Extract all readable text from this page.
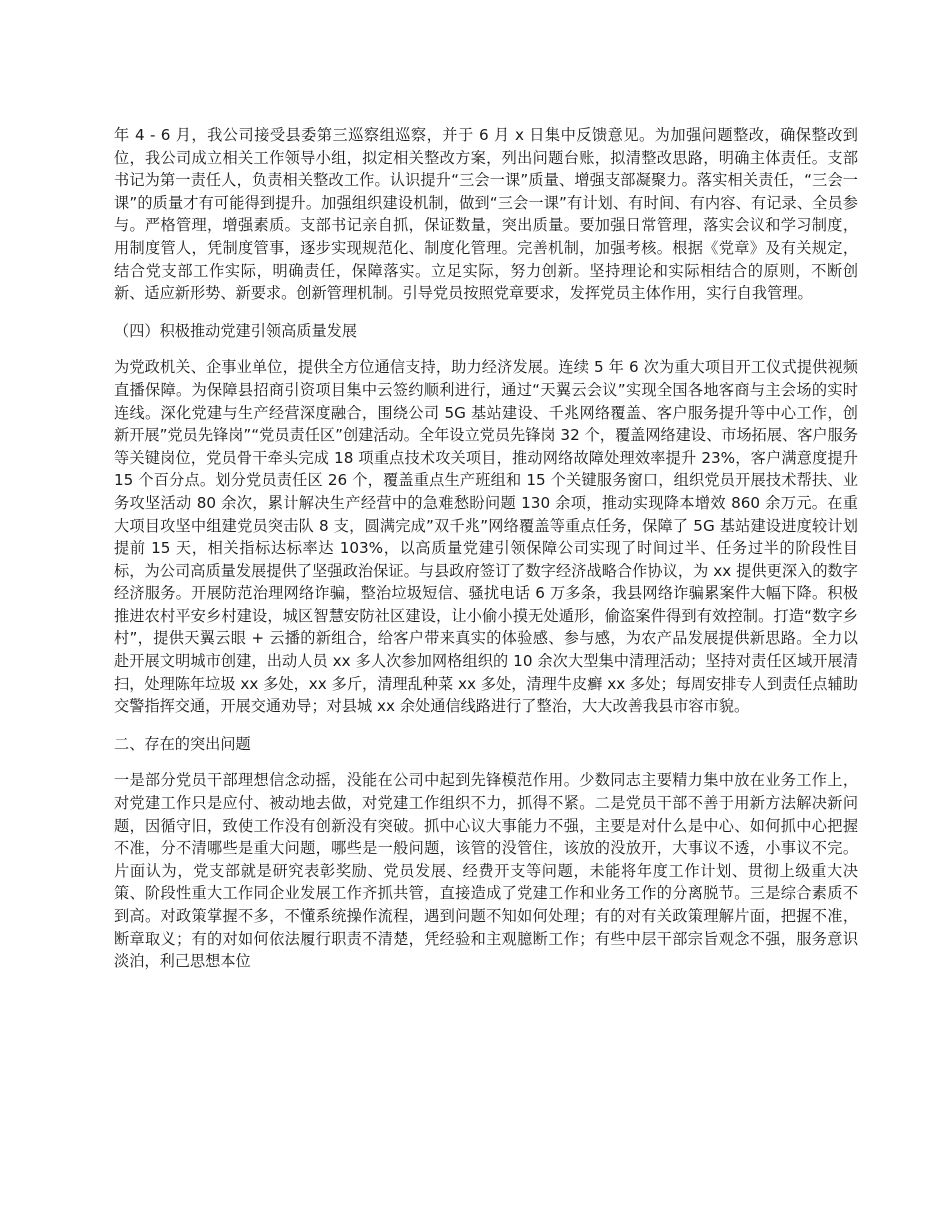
年 4 - 6 月，我公司接受县委第三巡察组巡察，并于 6 月 x 日集中反馈意见。为加强问题整改，确保整改到位，我公司成立相关工作领导小组，拟定相关整改方案，列出问题台账，拟清整改思路，明确主体责任。支部书记为第一责任人，负责相关整改工作。认识提升“三会一课”质量、增强支部凝聚力。落实相关责任，“三会一课”的质量才有可能得到提升。加强组织建设机制，做到“三会一课”有计划、有时间、有内容、有记录、全员参与。严格管理，增强素质。支部书记亲自抓，保证数量，突出质量。要加强日常管理，落实会议和学习制度，用制度管人，凭制度管事，逐步实现规范化、制度化管理。完善机制，加强考核。根据《党章》及有关规定，结合党支部工作实际，明确责任，保障落实。立足实际，努力创新。坚持理论和实际相结合的原则，不断创新、适应新形势、新要求。创新管理机制。引导党员按照党章要求，发挥党员主体作用，实行自我管理。

（四）积极推动党建引领高质量发展

为党政机关、企事业单位，提供全方位通信支持，助力经济发展。连续 5 年 6 次为重大项目开工仪式提供视频直播保障。为保障县招商引资项目集中云签约顺利进行，通过“天翼云会议”实现全国各地客商与主会场的实时连线。深化党建与生产经营深度融合，围绕公司 5G 基站建设、千兆网络覆盖、客户服务提升等中心工作，创新开展”党员先锋岗”“党员责任区”创建活动。全年设立党员先锋岗 32 个，覆盖网络建设、市场拓展、客户服务等关键岗位，党员骨干牵头完成 18 项重点技术攻关项目，推动网络故障处理效率提升 23%，客户满意度提升 15 个百分点。划分党员责任区 26 个，覆盖重点生产班组和 15 个关键服务窗口，组织党员开展技术帮扶、业务攻坚活动 80 余次，累计解决生产经营中的急难愁盼问题 130 余项，推动实现降本增效 860 余万元。在重大项目攻坚中组建党员突击队 8 支，圆满完成”双千兆”网络覆盖等重点任务，保障了 5G 基站建设进度较计划提前 15 天，相关指标达标率达 103%，以高质量党建引领保障公司实现了时间过半、任务过半的阶段性目标，为公司高质量发展提供了坚强政治保证。与县政府签订了数字经济战略合作协议，为 xx 提供更深入的数字经济服务。开展防范治理网络诈骗，整治垃圾短信、骚扰电话 6 万多条，我县网络诈骗累案件大幅下降。积极推进农村平安乡村建设，城区智慧安防社区建设，让小偷小摸无处遁形，偷盗案件得到有效控制。打造“数字乡村”，提供天翼云眼 + 云播的新组合，给客户带来真实的体验感、参与感，为农产品发展提供新思路。全力以赴开展文明城市创建，出动人员 xx 多人次参加网格组织的 10 余次大型集中清理活动；坚持对责任区域开展清扫，处理陈年垃圾 xx 多处，xx 多斤，清理乱种菜 xx 多处，清理牛皮癣 xx 多处；每周安排专人到责任点辅助交警指挥交通，开展交通劝导；对县城 xx 余处通信线路进行了整治，大大改善我县市容市貌。

二、存在的突出问题

一是部分党员干部理想信念动摇，没能在公司中起到先锋模范作用。少数同志主要精力集中放在业务工作上，对党建工作只是应付、被动地去做，对党建工作组织不力，抓得不紧。二是党员干部不善于用新方法解决新问题，因循守旧，致使工作没有创新没有突破。抓中心议大事能力不强，主要是对什么是中心、如何抓中心把握不准，分不清哪些是重大问题，哪些是一般问题，该管的没管住，该放的没放开，大事议不透，小事议不完。片面认为，党支部就是研究表彰奖励、党员发展、经费开支等问题，未能将年度工作计划、贯彻上级重大决策、阶段性重大工作同企业发展工作齐抓共管，直接造成了党建工作和业务工作的分离脱节。三是综合素质不到高。对政策掌握不多，不懂系统操作流程，遇到问题不知如何处理；有的对有关政策理解片面，把握不准，断章取义；有的对如何依法履行职责不清楚，凭经验和主观臆断工作；有些中层干部宗旨观念不强，服务意识淡泊，利己思想本位
